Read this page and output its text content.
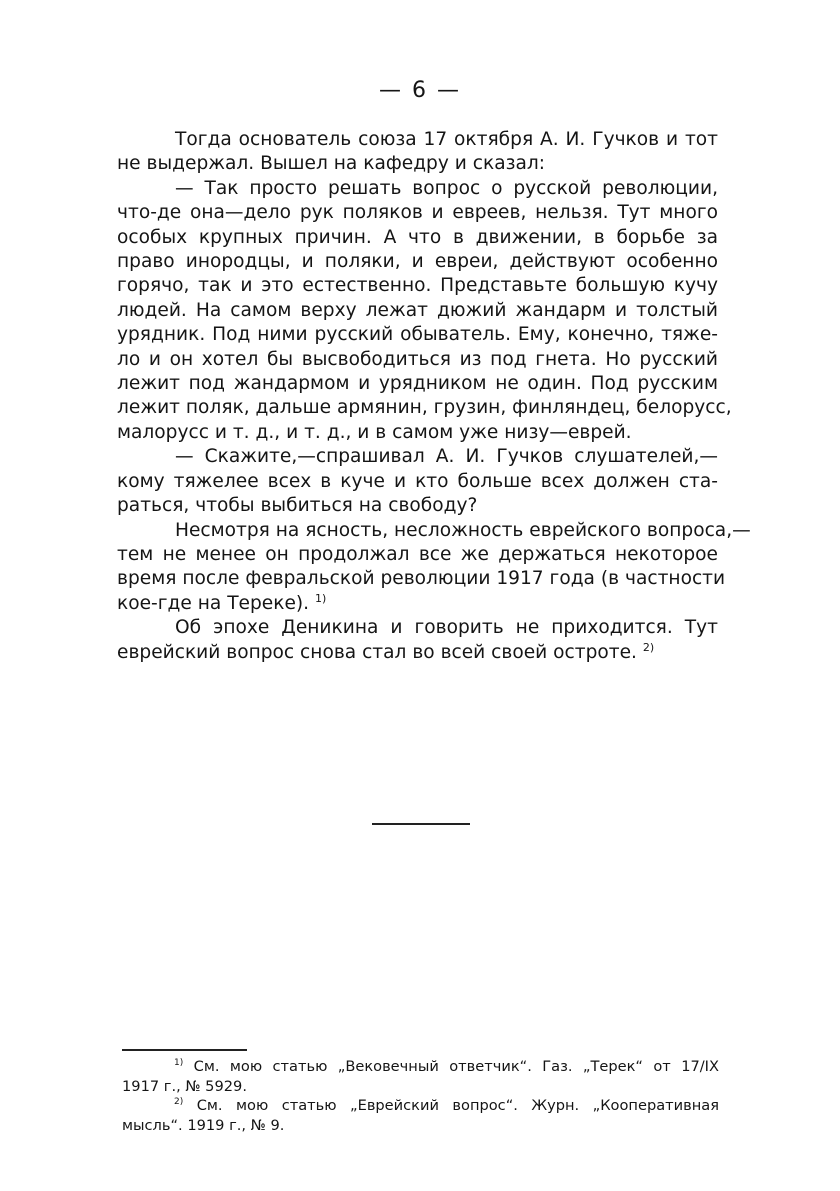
— 6 —
Тогда основатель союза 17 октября А. И. Гучков и тот
не выдержал. Вышел на кафедру и сказал:
— Так просто решать вопрос о русской революции,
что-де она—дело рук поляков и евреев, нельзя. Тут много
особых крупных причин. А что в движении, в борьбе за
право инородцы, и поляки, и евреи, действуют особенно
горячо, так и это естественно. Представьте большую кучу
людей. На самом верху лежат дюжий жандарм и толстый
урядник. Под ними русский обыватель. Ему, конечно, тяже-
ло и он хотел бы высвободиться из под гнета. Но русский
лежит под жандармом и урядником не один. Под русским
лежит поляк, дальше армянин, грузин, финляндец, белорусс,
малорусс и т. д., и т. д., и в самом уже низу—еврей.
— Скажите,—спрашивал А. И. Гучков слушателей,—
кому тяжелее всех в куче и кто больше всех должен ста-
раться, чтобы выбиться на свободу?
Несмотря на ясность, несложность еврейского вопроса,—
тем не менее он продолжал все же держаться некоторое
время после февральской революции 1917 года (в частности
кое-где на Тереке). $^{1)}$
Об эпохе Деникина и говорить не приходится. Тут
еврейский вопрос снова стал во всей своей остроте. $^{2)}$
$^{1)}$ См. мою статью „Вековечный ответчик“. Газ. „Терек“ от 17/IX
1917 г., № 5929.
$^{2)}$ См. мою статью „Еврейский вопрос“. Журн. „Кооперативная
мысль“. 1919 г., № 9.
